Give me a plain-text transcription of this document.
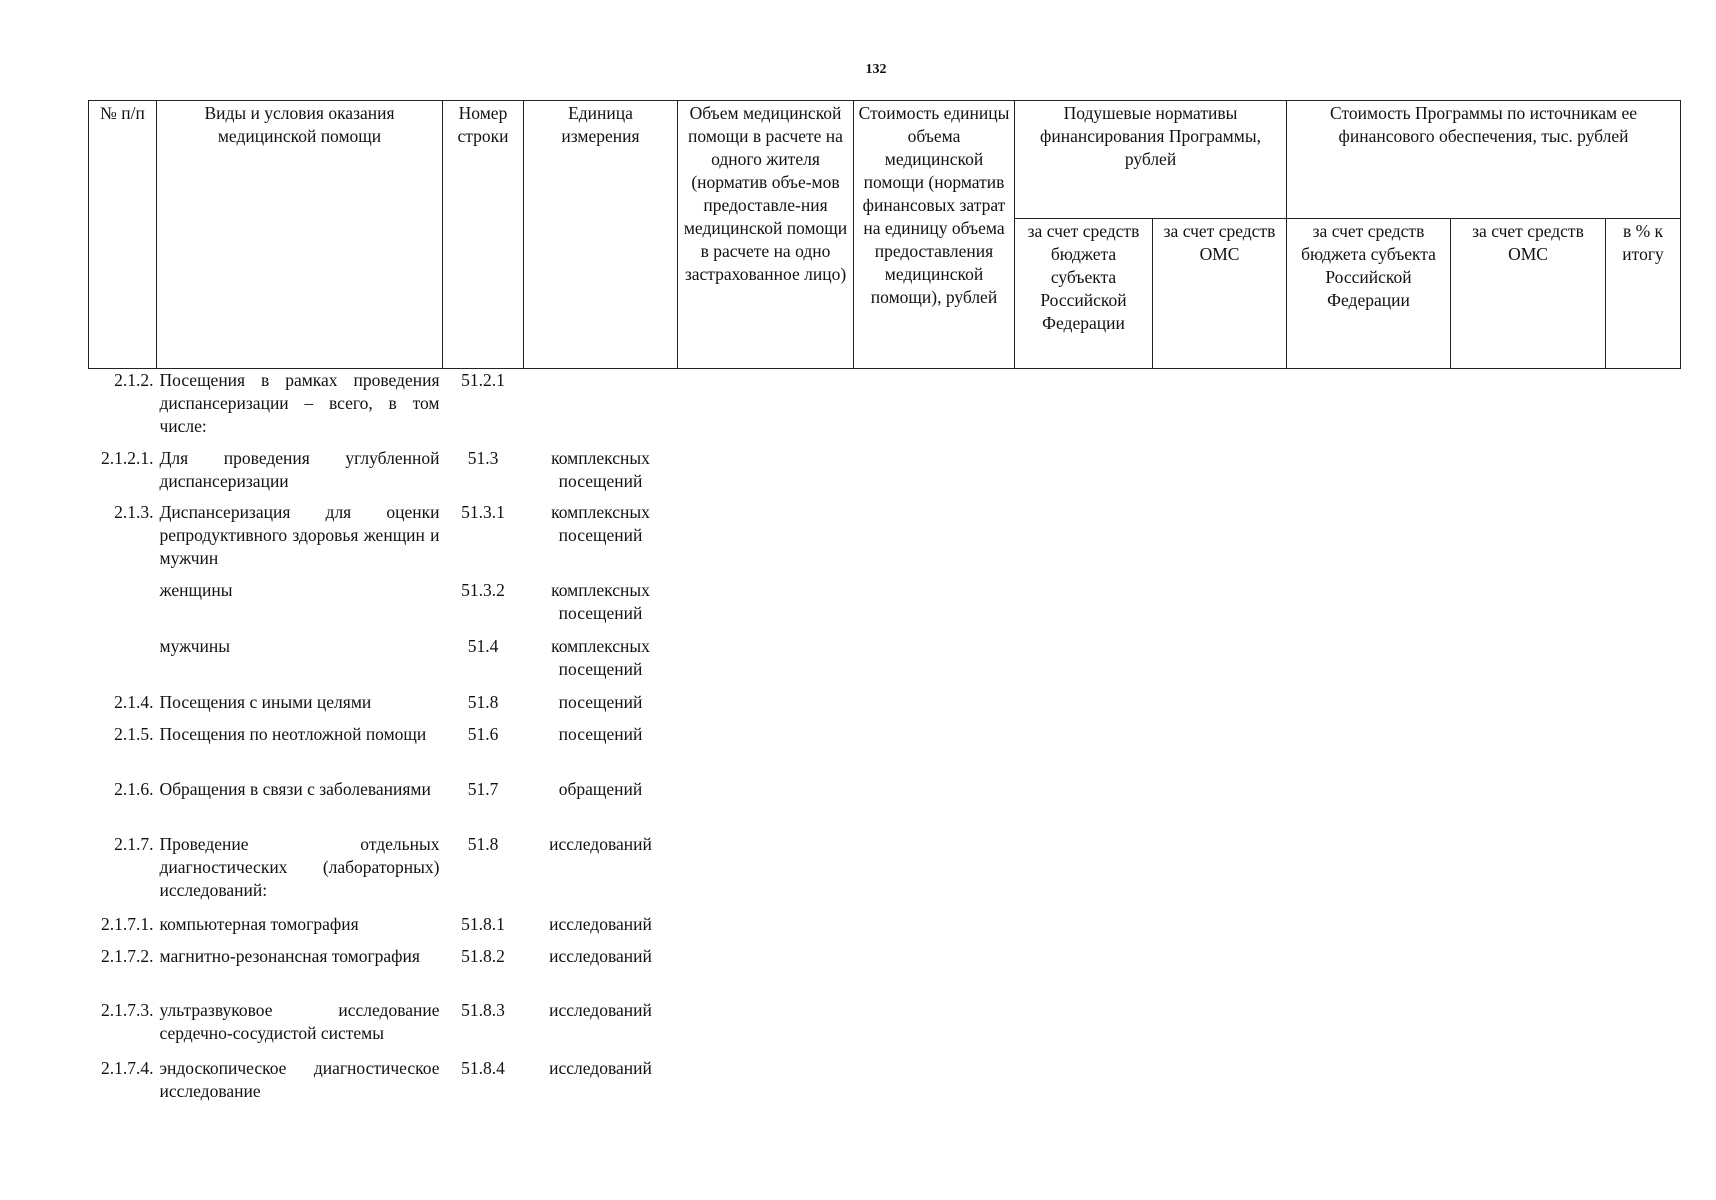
132
№ п/п	Виды и условия оказания медицинской помощи	Номер строки	Единица измерения	Объем медицинской помощи в расчете на одного жителя (норматив объе-мов предоставле-ния медицинской помощи в расчете на одно застрахованное лицо)	Стоимость единицы объема медицинской помощи (норматив финансовых затрат на единицу объема предоставления медицинской помощи), рублей	Подушевые нормативы финансирования Программы, рублей		Стоимость Программы по источникам ее финансового обеспечения, тыс. рублей		
						за счет средств бюджета субъекта Российской Федерации	за счет средств ОМС	за счет средств бюджета субъекта Российской Федерации	за счет средств ОМС	в % к итогу
2.1.2.	Посещения в рамках проведения диспансеризации – всего, в том числе:	51.2.1								
2.1.2.1.	Для проведения углубленной диспансеризации	51.3	комплексных посещений							
2.1.3.	Диспансеризация для оценки репродуктивного здоровья женщин и мужчин	51.3.1	комплексных посещений							
	женщины	51.3.2	комплексных посещений							
	мужчины	51.4	комплексных посещений							
2.1.4.	Посещения с иными целями	51.8	посещений							
2.1.5.	Посещения по неотложной помощи	51.6	посещений							
2.1.6.	Обращения в связи с заболеваниями	51.7	обращений							
2.1.7.	Проведение отдельных диагностических (лабораторных) исследований:	51.8	исследований							
2.1.7.1.	компьютерная томография	51.8.1	исследований							
2.1.7.2.	магнитно-резонансная томография	51.8.2	исследований							
2.1.7.3.	ультразвуковое исследование сердечно-сосудистой системы	51.8.3	исследований							
2.1.7.4.	эндоскопическое диагностическое исследование	51.8.4	исследований							
